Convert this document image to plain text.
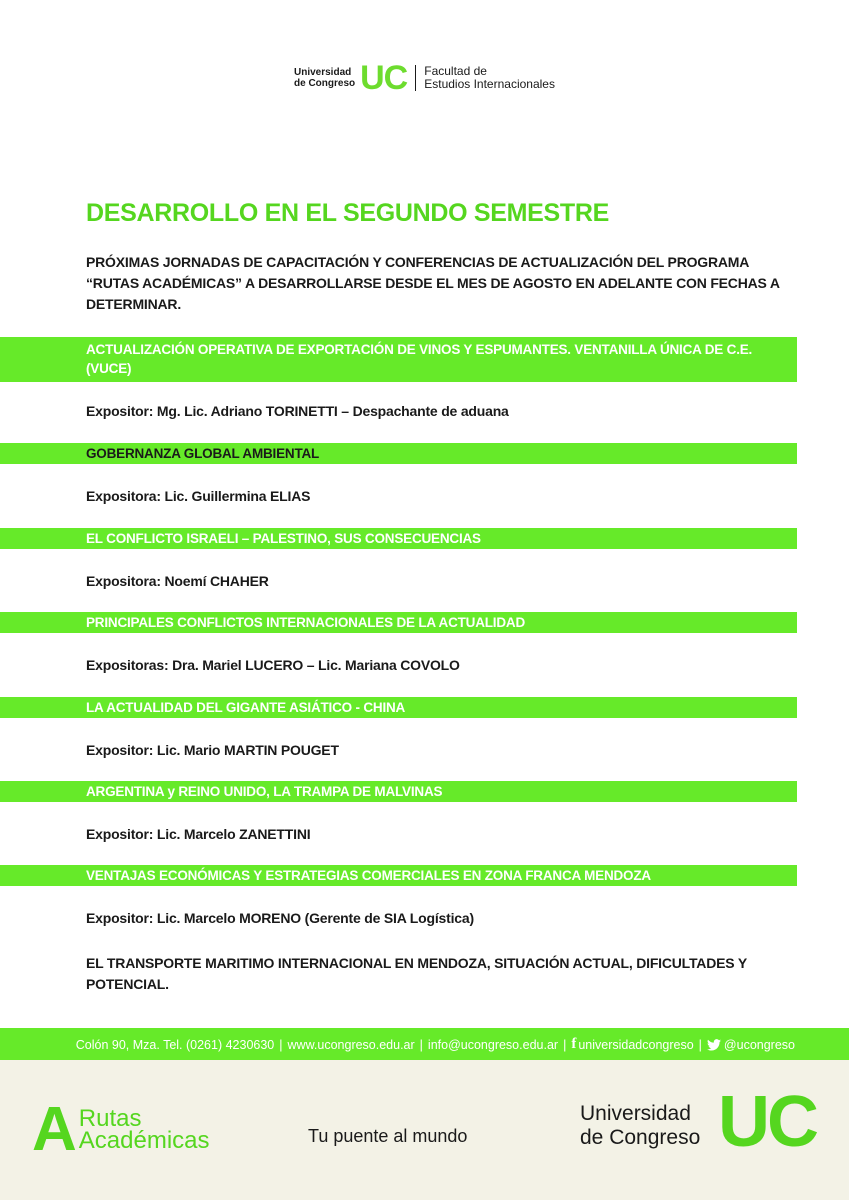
Universidad
de Congreso UC Facultad de
Estudios Internacionales
DESARROLLO EN EL SEGUNDO SEMESTRE

PRÓXIMAS JORNADAS DE CAPACITACIÓN Y CONFERENCIAS DE ACTUALIZACIÓN DEL PROGRAMA “RUTAS ACADÉMICAS” A DESARROLLARSE DESDE EL MES DE AGOSTO EN ADELANTE CON FECHAS A DETERMINAR.

ACTUALIZACIÓN OPERATIVA DE EXPORTACIÓN DE VINOS Y ESPUMANTES. VENTANILLA ÚNICA DE C.E. (VUCE)
Expositor: Mg. Lic. Adriano TORINETTI – Despachante de aduana
GOBERNANZA GLOBAL AMBIENTAL
Expositora: Lic. Guillermina ELIAS
EL CONFLICTO ISRAELI – PALESTINO, SUS CONSECUENCIAS
Expositora: Noemí CHAHER
PRINCIPALES CONFLICTOS INTERNACIONALES DE LA ACTUALIDAD
Expositoras: Dra. Mariel LUCERO – Lic. Mariana COVOLO
LA ACTUALIDAD DEL GIGANTE ASIÁTICO - CHINA
Expositor: Lic. Mario MARTIN POUGET
ARGENTINA y REINO UNIDO, LA TRAMPA DE MALVINAS
Expositor: Lic. Marcelo ZANETTINI
VENTAJAS ECONÓMICAS Y ESTRATEGIAS COMERCIALES EN ZONA FRANCA MENDOZA
Expositor: Lic. Marcelo MORENO (Gerente de SIA Logística)
EL TRANSPORTE MARITIMO INTERNACIONAL EN MENDOZA, SITUACIÓN ACTUAL, DIFICULTADES Y POTENCIAL.
Colón 90, Mza. Tel. (0261) 4230630 | www.ucongreso.edu.ar | info@ucongreso.edu.ar | f universidadcongreso | @ucongreso
A Rutas
Académicas	Tu puente al mundo
Universidad
de Congreso UC
